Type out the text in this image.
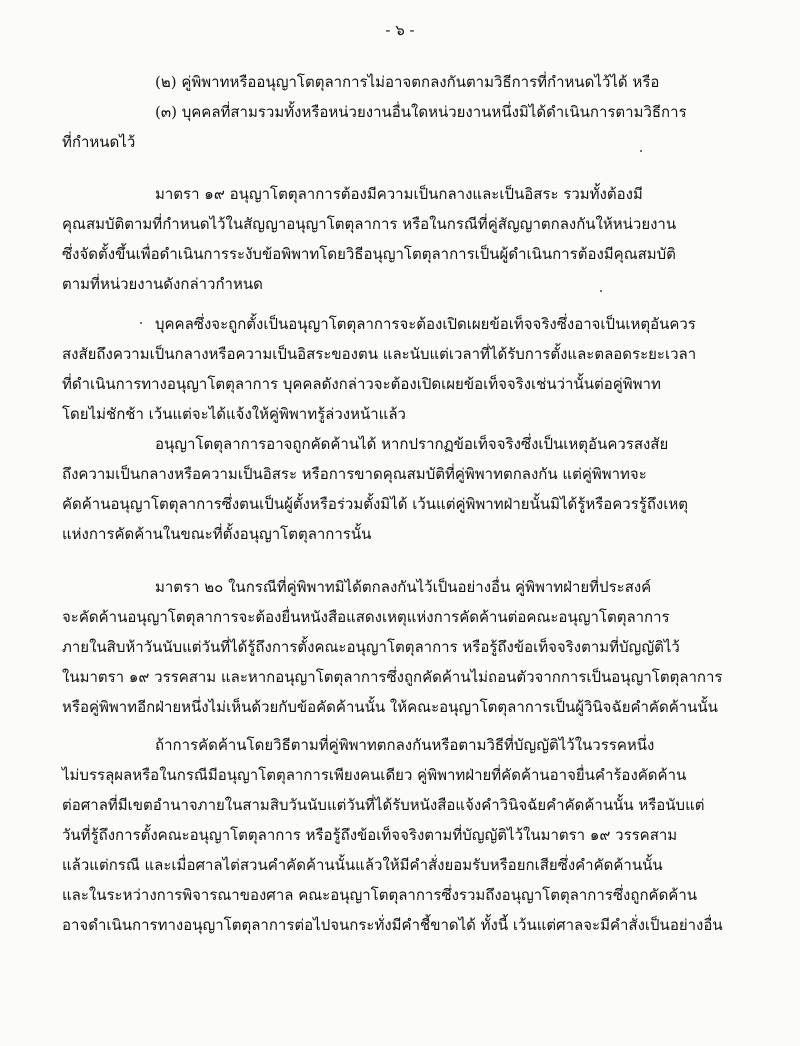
- ๖ -
(๒) คู่พิพาทหรืออนุญาโตตุลาการไม่อาจตกลงกันตามวิธีการที่กำหนดไว้ได้ หรือ
(๓) บุคคลที่สามรวมทั้งหรือหน่วยงานอื่นใดหน่วยงานหนึ่งมิได้ดำเนินการตามวิธีการ
ที่กำหนดไว้
มาตรา ๑๙ อนุญาโตตุลาการต้องมีความเป็นกลางและเป็นอิสระ รวมทั้งต้องมี
คุณสมบัติตามที่กำหนดไว้ในสัญญาอนุญาโตตุลาการ หรือในกรณีที่คู่สัญญาตกลงกันให้หน่วยงาน
ซึ่งจัดตั้งขึ้นเพื่อดำเนินการระงับข้อพิพาทโดยวิธีอนุญาโตตุลาการเป็นผู้ดำเนินการต้องมีคุณสมบัติ
ตามที่หน่วยงานดังกล่าวกำหนด
บุคคลซึ่งจะถูกตั้งเป็นอนุญาโตตุลาการจะต้องเปิดเผยข้อเท็จจริงซึ่งอาจเป็นเหตุอันควร
สงสัยถึงความเป็นกลางหรือความเป็นอิสระของตน และนับแต่เวลาที่ได้รับการตั้งและตลอดระยะเวลา
ที่ดำเนินการทางอนุญาโตตุลาการ บุคคลดังกล่าวจะต้องเปิดเผยข้อเท็จจริงเช่นว่านั้นต่อคู่พิพาท
โดยไม่ชักช้า เว้นแต่จะได้แจ้งให้คู่พิพาทรู้ล่วงหน้าแล้ว
อนุญาโตตุลาการอาจถูกคัดค้านได้ หากปรากฏข้อเท็จจริงซึ่งเป็นเหตุอันควรสงสัย
ถึงความเป็นกลางหรือความเป็นอิสระ หรือการขาดคุณสมบัติที่คู่พิพาทตกลงกัน แต่คู่พิพาทจะ
คัดค้านอนุญาโตตุลาการซึ่งตนเป็นผู้ตั้งหรือร่วมตั้งมิได้ เว้นแต่คู่พิพาทฝ่ายนั้นมิได้รู้หรือควรรู้ถึงเหตุ
แห่งการคัดค้านในขณะที่ตั้งอนุญาโตตุลาการนั้น
มาตรา ๒๐ ในกรณีที่คู่พิพาทมิได้ตกลงกันไว้เป็นอย่างอื่น คู่พิพาทฝ่ายที่ประสงค์
จะคัดค้านอนุญาโตตุลาการจะต้องยื่นหนังสือแสดงเหตุแห่งการคัดค้านต่อคณะอนุญาโตตุลาการ
ภายในสิบห้าวันนับแต่วันที่ได้รู้ถึงการตั้งคณะอนุญาโตตุลาการ หรือรู้ถึงข้อเท็จจริงตามที่บัญญัติไว้
ในมาตรา ๑๙ วรรคสาม และหากอนุญาโตตุลาการซึ่งถูกคัดค้านไม่ถอนตัวจากการเป็นอนุญาโตตุลาการ
หรือคู่พิพาทอีกฝ่ายหนึ่งไม่เห็นด้วยกับข้อคัดค้านนั้น ให้คณะอนุญาโตตุลาการเป็นผู้วินิจฉัยคำคัดค้านนั้น
ถ้าการคัดค้านโดยวิธีตามที่คู่พิพาทตกลงกันหรือตามวิธีที่บัญญัติไว้ในวรรคหนึ่ง
ไม่บรรลุผลหรือในกรณีมีอนุญาโตตุลาการเพียงคนเดียว คู่พิพาทฝ่ายที่คัดค้านอาจยื่นคำร้องคัดค้าน
ต่อศาลที่มีเขตอำนาจภายในสามสิบวันนับแต่วันที่ได้รับหนังสือแจ้งคำวินิจฉัยคำคัดค้านนั้น หรือนับแต่
วันที่รู้ถึงการตั้งคณะอนุญาโตตุลาการ หรือรู้ถึงข้อเท็จจริงตามที่บัญญัติไว้ในมาตรา ๑๙ วรรคสาม
แล้วแต่กรณี และเมื่อศาลไต่สวนคำคัดค้านนั้นแล้วให้มีคำสั่งยอมรับหรือยกเสียซึ่งคำคัดค้านนั้น
และในระหว่างการพิจารณาของศาล คณะอนุญาโตตุลาการซึ่งรวมถึงอนุญาโตตุลาการซึ่งถูกคัดค้าน
อาจดำเนินการทางอนุญาโตตุลาการต่อไปจนกระทั่งมีคำชี้ขาดได้ ทั้งนี้ เว้นแต่ศาลจะมีคำสั่งเป็นอย่างอื่น
